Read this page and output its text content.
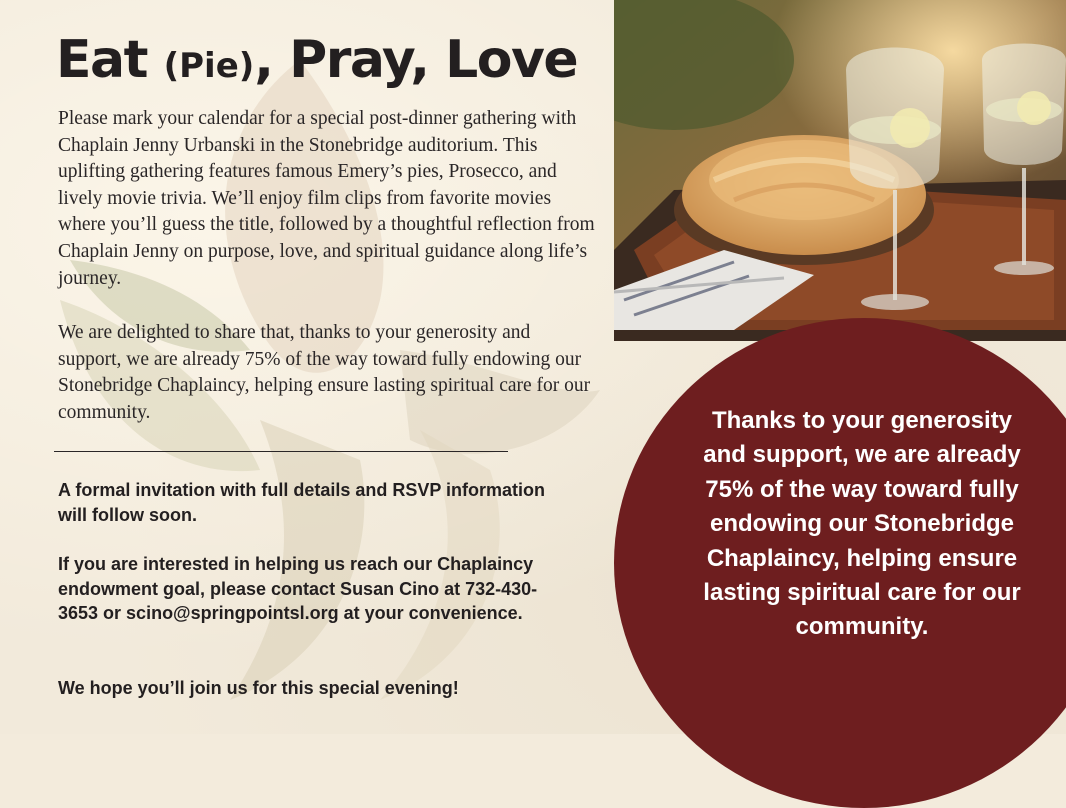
Eat (Pie), Pray, Love

Please mark your calendar for a special post-dinner gathering with Chaplain Jenny Urbanski in the Stonebridge auditorium. This uplifting gathering features famous Emery’s pies, Prosecco, and lively movie trivia. We’ll enjoy film clips from favorite movies where you’ll guess the title, followed by a thoughtful reflection from Chaplain Jenny on purpose, love, and spiritual guidance along life’s journey.

We are delighted to share that, thanks to your generosity and support, we are already 75% of the way toward fully endowing our Stonebridge Chaplaincy, helping ensure lasting spiritual care for our community.

A formal invitation with full details and RSVP information will follow soon.

If you are interested in helping us reach our Chaplaincy endowment goal, please contact Susan Cino at 732-430-3653 or scino@springpointsl.org at your convenience.

We hope you’ll join us for this special evening!

Thanks to your generosity and support, we are already 75% of the way toward fully endowing our Stonebridge Chaplaincy, helping ensure lasting spiritual care for our community.
